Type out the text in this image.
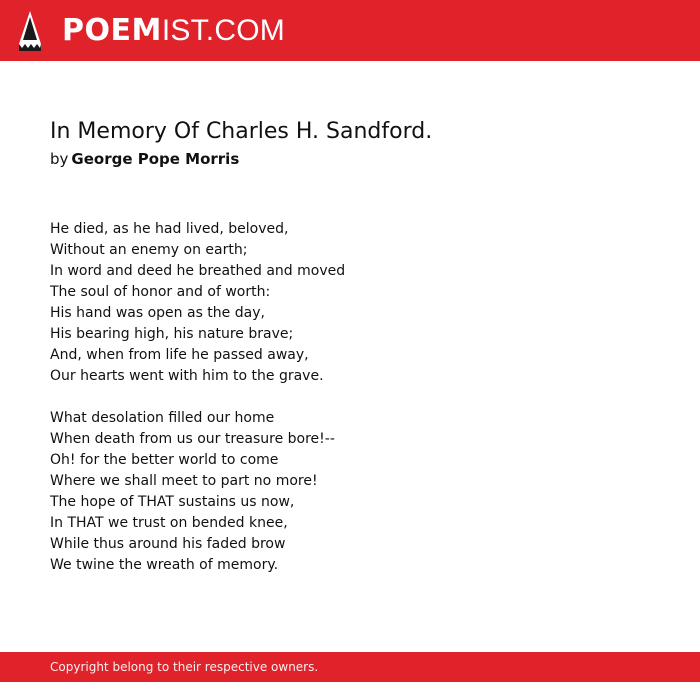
POEMIST.COM
In Memory Of Charles H. Sandford.
by George Pope Morris
He died, as he had lived, beloved,
Without an enemy on earth;
In word and deed he breathed and moved
The soul of honor and of worth:
His hand was open as the day,
His bearing high, his nature brave;
And, when from life he passed away,
Our hearts went with him to the grave.
What desolation filled our home
When death from us our treasure bore!--
Oh! for the better world to come
Where we shall meet to part no more!
The hope of THAT sustains us now,
In THAT we trust on bended knee,
While thus around his faded brow
We twine the wreath of memory.
Copyright belong to their respective owners.
